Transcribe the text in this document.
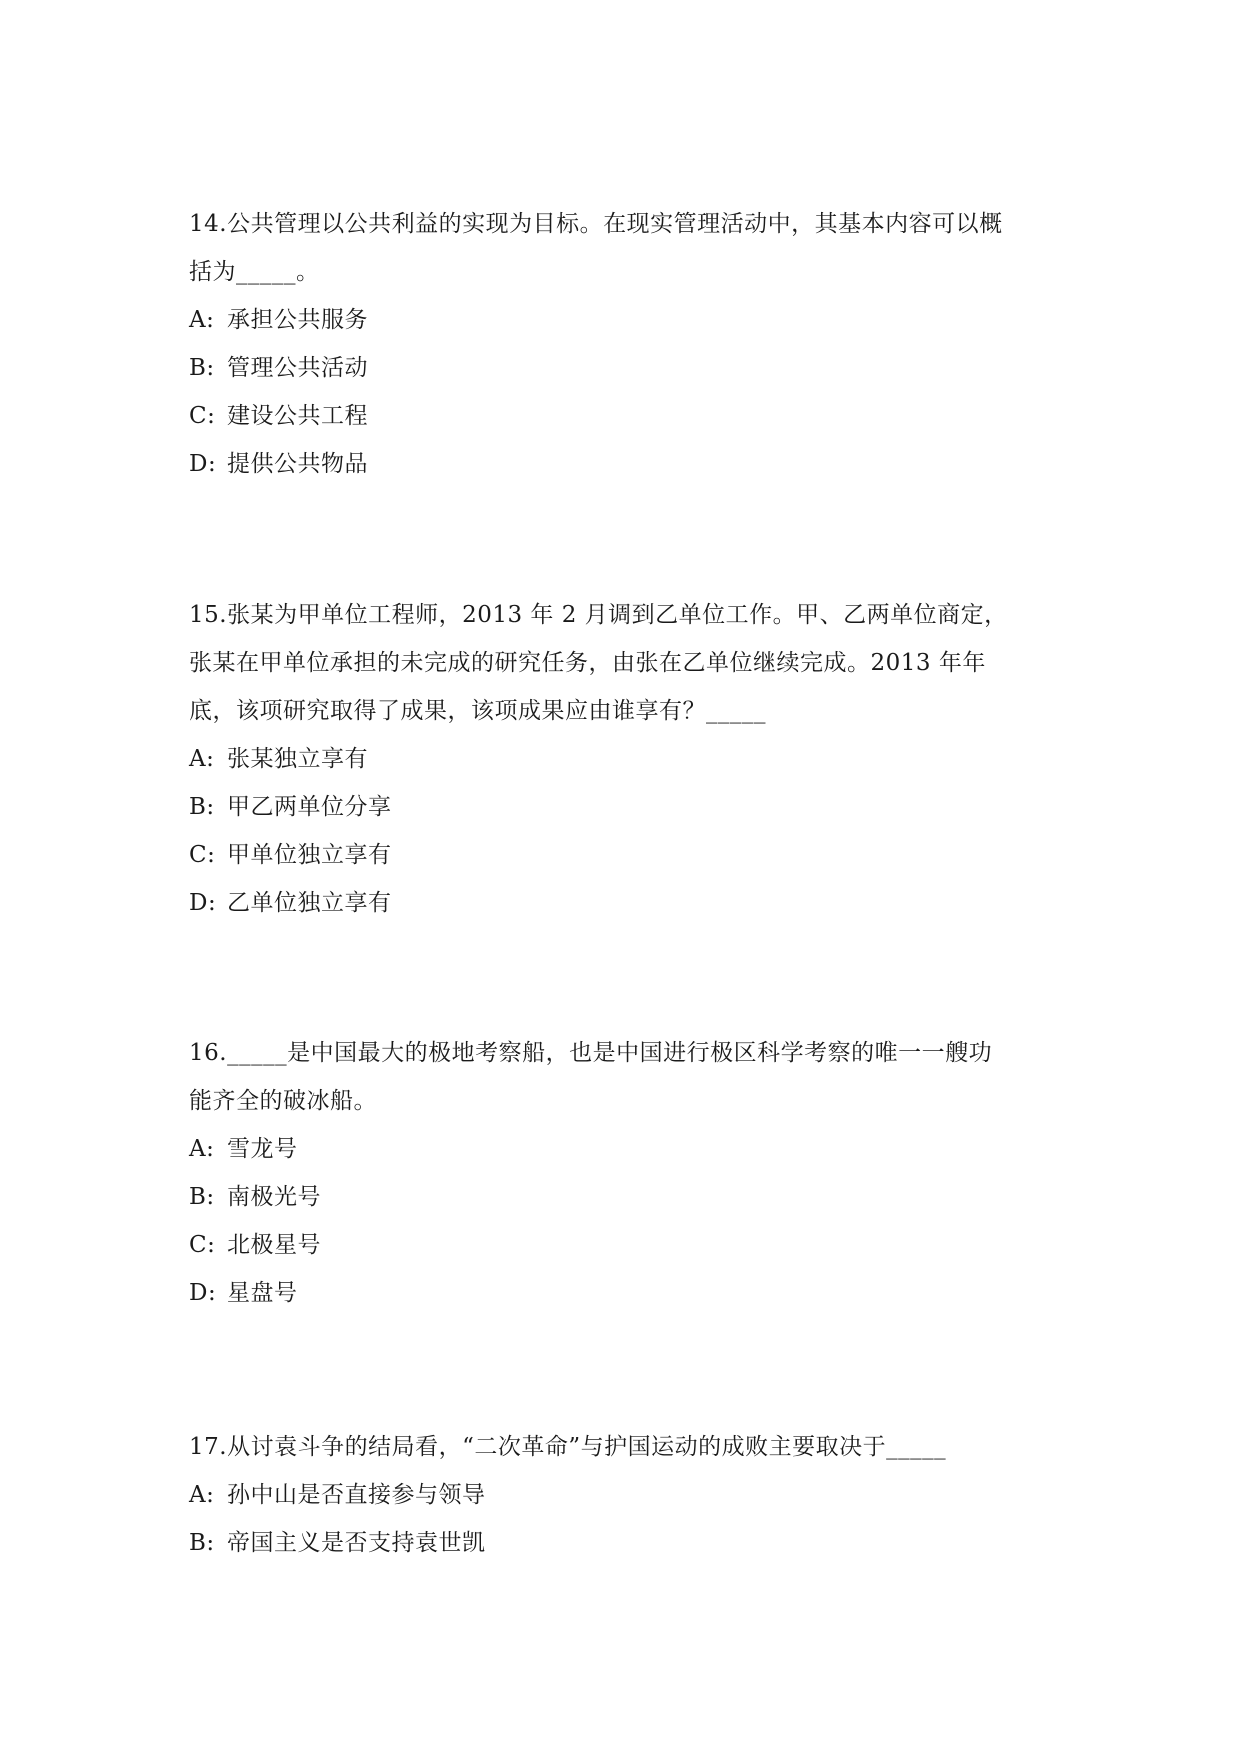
14.公共管理以公共利益的实现为目标。在现实管理活动中，其基本内容可以概
括为_____。

A: 承担公共服务

B: 管理公共活动

C: 建设公共工程

D: 提供公共物品

15.张某为甲单位工程师，2013 年 2 月调到乙单位工作。甲、乙两单位商定，
张某在甲单位承担的未完成的研究任务，由张在乙单位继续完成。2013 年年
底，该项研究取得了成果，该项成果应由谁享有？_____

A: 张某独立享有

B: 甲乙两单位分享

C: 甲单位独立享有

D: 乙单位独立享有

16._____是中国最大的极地考察船，也是中国进行极区科学考察的唯一一艘功
能齐全的破冰船。

A: 雪龙号

B: 南极光号

C: 北极星号

D: 星盘号

17.从讨袁斗争的结局看，“二次革命”与护国运动的成败主要取决于_____

A: 孙中山是否直接参与领导

B: 帝国主义是否支持袁世凯
